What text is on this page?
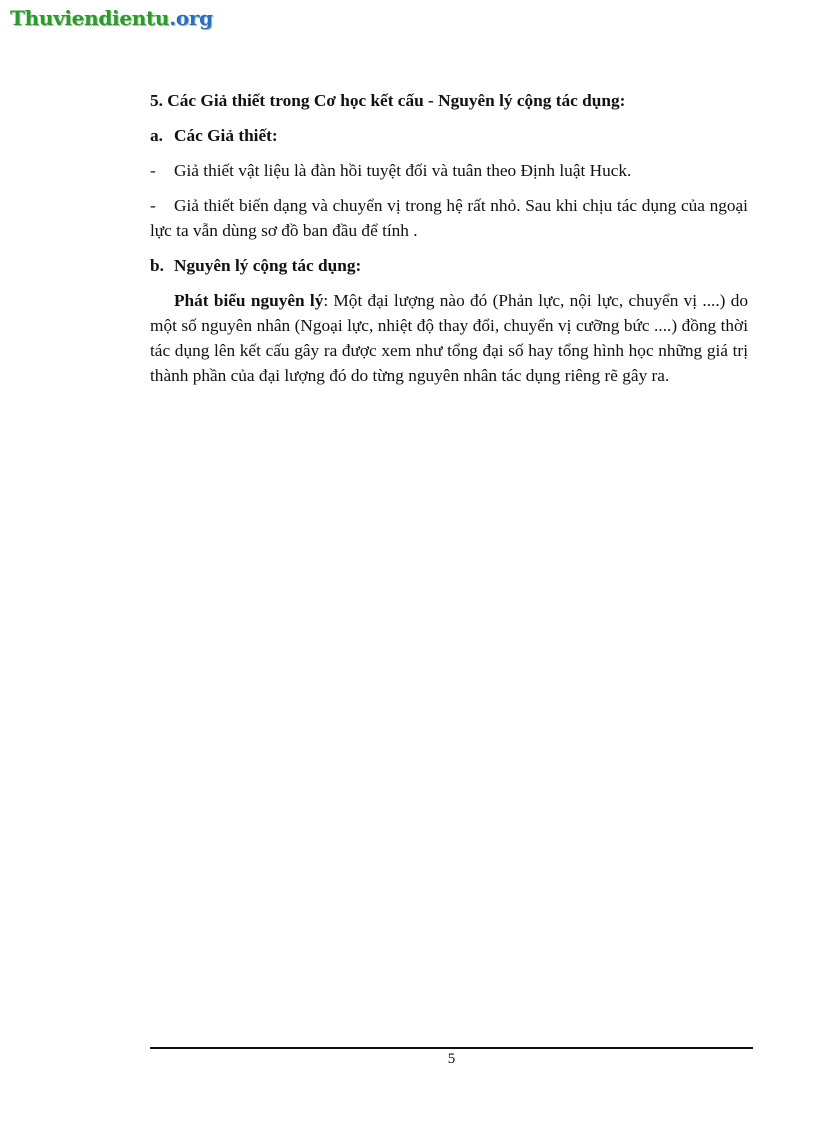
Thuviendientu.org
5. Các Giả thiết trong Cơ học kết cấu - Nguyên lý cộng tác dụng:
a. Các Giả thiết:
- Giả thiết vật liệu là đàn hồi tuyệt đối và tuân theo Định luật Huck.
- Giả thiết biến dạng và chuyển vị trong hệ rất nhỏ. Sau khi chịu tác dụng của ngoại lực ta vẫn dùng sơ đồ ban đầu để tính .
b. Nguyên lý cộng tác dụng:

Phát biểu nguyên lý: Một đại lượng nào đó (Phản lực, nội lực, chuyển vị ....) do một số nguyên nhân (Ngoại lực, nhiệt độ thay đổi, chuyển vị cưỡng bức ....) đồng thời tác dụng lên kết cấu gây ra được xem như tổng đại số hay tổng hình học những giá trị thành phần của đại lượng đó do từng nguyên nhân tác dụng riêng rẽ gây ra.

5
